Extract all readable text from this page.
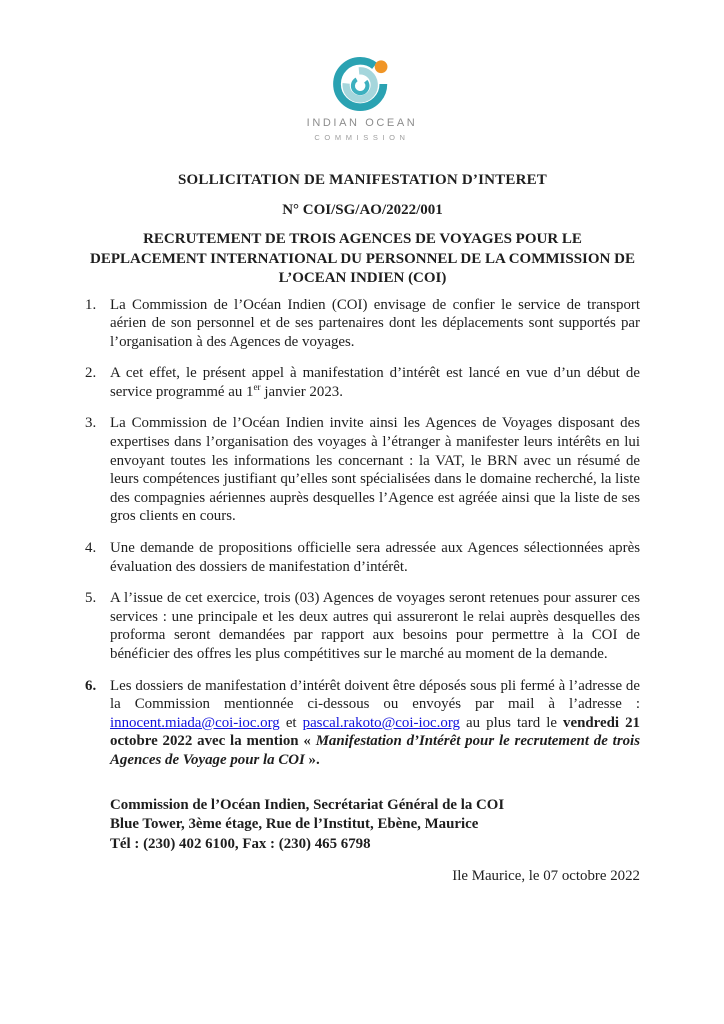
INDIAN OCEAN
COMMISSION
SOLLICITATION DE MANIFESTATION D’INTERET
N° COI/SG/AO/2022/001
RECRUTEMENT DE TROIS AGENCES DE VOYAGES POUR LE DEPLACEMENT INTERNATIONAL DU PERSONNEL DE LA COMMISSION DE L’OCEAN INDIEN (COI)
1. La Commission de l’Océan Indien (COI) envisage de confier le service de transport aérien de son personnel et de ses partenaires dont les déplacements sont supportés par l’organisation à des Agences de voyages.
2. A cet effet, le présent appel à manifestation d’intérêt est lancé en vue d’un début de service programmé au 1er janvier 2023.
3. La Commission de l’Océan Indien invite ainsi les Agences de Voyages disposant des expertises dans l’organisation des voyages à l’étranger à manifester leurs intérêts en lui envoyant toutes les informations les concernant : la VAT, le BRN avec un résumé de leurs compétences justifiant qu’elles sont spécialisées dans le domaine recherché, la liste des compagnies aériennes auprès desquelles l’Agence est agréée ainsi que la liste de ses gros clients en cours.
4. Une demande de propositions officielle sera adressée aux Agences sélectionnées après évaluation des dossiers de manifestation d’intérêt.
5. A l’issue de cet exercice, trois (03) Agences de voyages seront retenues pour assurer ces services : une principale et les deux autres qui assureront le relai auprès desquelles des proforma seront demandées par rapport aux besoins pour permettre à la COI de bénéficier des offres les plus compétitives sur le marché au moment de la demande.
6. Les dossiers de manifestation d’intérêt doivent être déposés sous pli fermé à l’adresse de la Commission mentionnée ci-dessous ou envoyés par mail à l’adresse : innocent.miada@coi-ioc.org et pascal.rakoto@coi-ioc.org au plus tard le vendredi 21 octobre 2022 avec la mention « Manifestation d’Intérêt pour le recrutement de trois Agences de Voyage pour la COI ».
Commission de l’Océan Indien, Secrétariat Général de la COI
Blue Tower, 3ème étage, Rue de l’Institut, Ebène, Maurice
Tél : (230) 402 6100, Fax : (230) 465 6798
Ile Maurice, le 07 octobre 2022
